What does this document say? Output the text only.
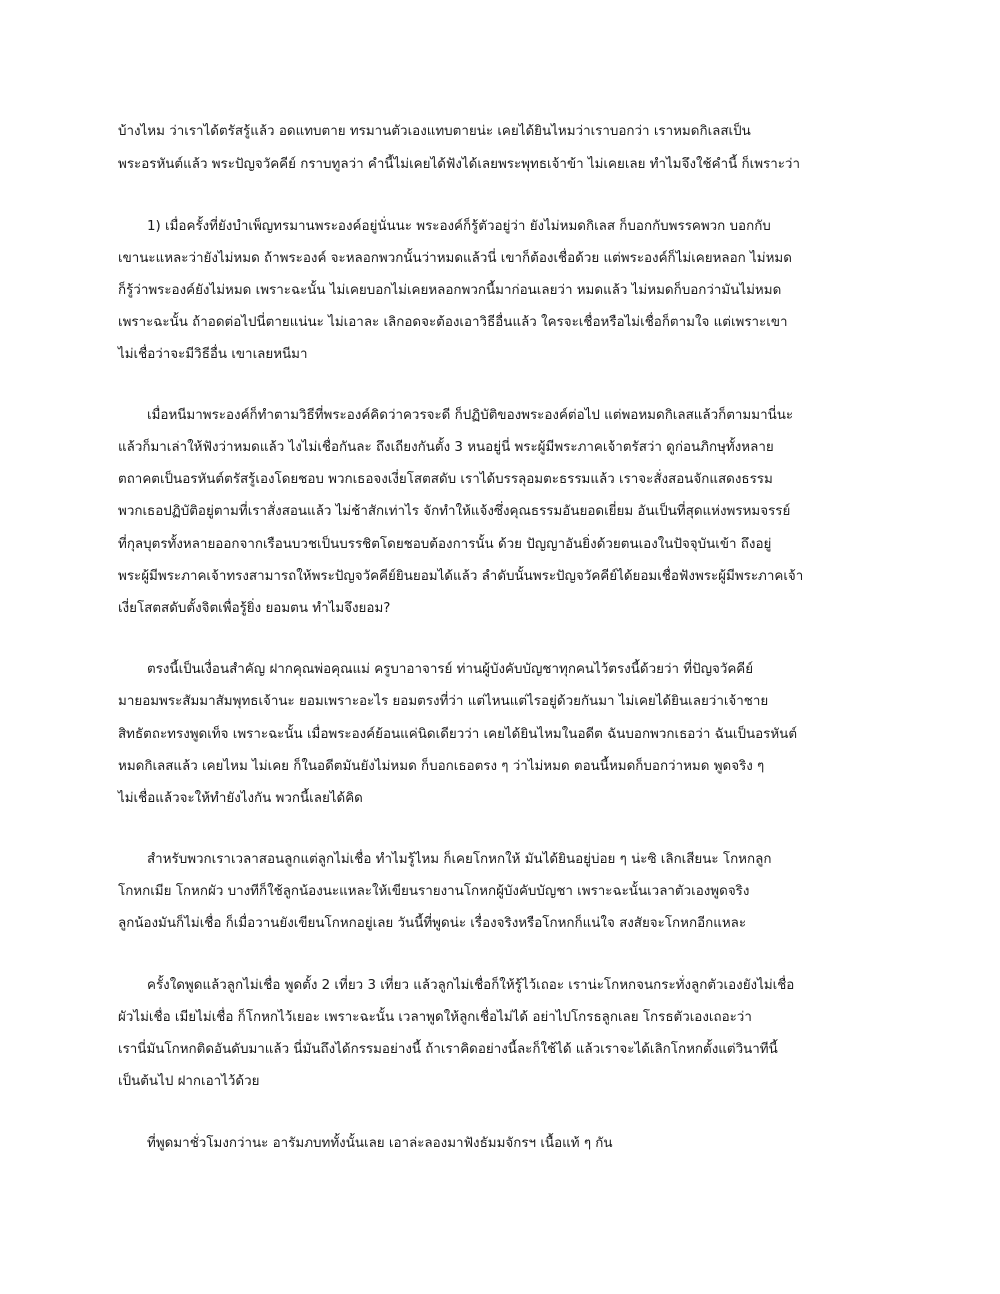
บ้างไหม ว่าเราได้ตรัสรู้แล้ว อดแทบตาย ทรมานตัวเองแทบตายน่ะ เคยได้ยินไหมว่าเราบอกว่า เราหมดกิเลสเป็น
พระอรหันต์แล้ว พระปัญจวัคคีย์ กราบทูลว่า คำนี้ไม่เคยได้ฟังได้เลยพระพุทธเจ้าข้า ไม่เคยเลย ทำไมจึงใช้คำนี้ ก็เพราะว่า
1) เมื่อครั้งที่ยังบำเพ็ญทรมานพระองค์อยู่นั่นนะ พระองค์ก็รู้ตัวอยู่ว่า ยังไม่หมดกิเลส ก็บอกกับพรรคพวก บอกกับ
เขานะแหละว่ายังไม่หมด ถ้าพระองค์ จะหลอกพวกนั้นว่าหมดแล้วนี่ เขาก็ต้องเชื่อด้วย แต่พระองค์ก็ไม่เคยหลอก ไม่หมด
ก็รู้ว่าพระองค์ยังไม่หมด เพราะฉะนั้น ไม่เคยบอกไม่เคยหลอกพวกนี้มาก่อนเลยว่า หมดแล้ว ไม่หมดก็บอกว่ามันไม่หมด
เพราะฉะนั้น ถ้าอดต่อไปนี่ตายแน่นะ ไม่เอาละ เลิกอดจะต้องเอาวิธีอื่นแล้ว ใครจะเชื่อหรือไม่เชื่อก็ตามใจ แต่เพราะเขา
ไม่เชื่อว่าจะมีวิธีอื่น เขาเลยหนีมา
เมื่อหนีมาพระองค์ก็ทำตามวิธีที่พระองค์คิดว่าควรจะดี ก็ปฏิบัติของพระองค์ต่อไป แต่พอหมดกิเลสแล้วก็ตามมานี่นะ
แล้วก็มาเล่าให้ฟังว่าหมดแล้ว ไงไม่เชื่อกันละ ถึงเถียงกันตั้ง 3 หนอยู่นี่ พระผู้มีพระภาคเจ้าตรัสว่า ดูก่อนภิกษุทั้งหลาย
ตถาคตเป็นอรหันต์ตรัสรู้เองโดยชอบ พวกเธอจงเงี่ยโสตสดับ เราได้บรรลุอมตะธรรมแล้ว เราจะสั่งสอนจักแสดงธรรม
พวกเธอปฏิบัติอยู่ตามที่เราสั่งสอนแล้ว ไม่ช้าสักเท่าไร จักทำให้แจ้งซึ่งคุณธรรมอันยอดเยี่ยม อันเป็นที่สุดแห่งพรหมจรรย์
ที่กุลบุตรทั้งหลายออกจากเรือนบวชเป็นบรรชิตโดยชอบต้องการนั้น ด้วย ปัญญาอันยิ่งด้วยตนเองในปัจจุบันเข้า ถึงอยู่
พระผู้มีพระภาคเจ้าทรงสามารถให้พระปัญจวัคคีย์ยินยอมได้แล้ว ลำดับนั้นพระปัญจวัคคีย์ได้ยอมเชื่อฟังพระผู้มีพระภาคเจ้า
เงี่ยโสตสดับตั้งจิตเพื่อรู้ยิ่ง ยอมตน ทำไมจึงยอม?
ตรงนี้เป็นเงื่อนสำคัญ ฝากคุณพ่อคุณแม่ ครูบาอาจารย์ ท่านผู้บังคับบัญชาทุกคนไว้ตรงนี้ด้วยว่า ที่ปัญจวัคคีย์
มายอมพระสัมมาสัมพุทธเจ้านะ ยอมเพราะอะไร ยอมตรงที่ว่า แต่ไหนแต่ไรอยู่ด้วยกันมา ไม่เคยได้ยินเลยว่าเจ้าชาย
สิทธัตถะทรงพูดเท็จ เพราะฉะนั้น เมื่อพระองค์ย้อนแค่นิดเดียวว่า เคยได้ยินไหมในอดีต ฉันบอกพวกเธอว่า ฉันเป็นอรหันต์
หมดกิเลสแล้ว เคยไหม ไม่เคย ก็ในอดีตมันยังไม่หมด ก็บอกเธอตรง ๆ ว่าไม่หมด ตอนนี้หมดก็บอกว่าหมด พูดจริง ๆ
ไม่เชื่อแล้วจะให้ทำยังไงกัน พวกนี้เลยได้คิด
สำหรับพวกเราเวลาสอนลูกแต่ลูกไม่เชื่อ ทำไมรู้ไหม ก็เคยโกหกให้ มันได้ยินอยู่บ่อย ๆ น่ะซิ เลิกเสียนะ โกหกลูก
โกหกเมีย โกหกผัว บางทีก็ใช้ลูกน้องนะแหละให้เขียนรายงานโกหกผู้บังคับบัญชา เพราะฉะนั้นเวลาตัวเองพูดจริง
ลูกน้องมันก็ไม่เชื่อ ก็เมื่อวานยังเขียนโกหกอยู่เลย วันนี้ที่พูดน่ะ เรื่องจริงหรือโกหกก็แน่ใจ สงสัยจะโกหกอีกแหละ
ครั้งใดพูดแล้วลูกไม่เชื่อ พูดตั้ง 2 เที่ยว 3 เที่ยว แล้วลูกไม่เชื่อก็ให้รู้ไว้เถอะ เราน่ะโกหกจนกระทั่งลูกตัวเองยังไม่เชื่อ
ผัวไม่เชื่อ เมียไม่เชื่อ ก็โกหกไว้เยอะ เพราะฉะนั้น เวลาพูดให้ลูกเชื่อไม่ได้ อย่าไปโกรธลูกเลย โกรธตัวเองเถอะว่า
เรานี่มันโกหกติดอันดับมาแล้ว นี่มันถึงได้กรรมอย่างนี้ ถ้าเราคิดอย่างนี้ละก็ใช้ได้ แล้วเราจะได้เลิกโกหกตั้งแต่วินาทีนี้
เป็นต้นไป ฝากเอาไว้ด้วย
ที่พูดมาชั่วโมงกว่านะ อารัมภบททั้งนั้นเลย เอาล่ะลองมาฟังธัมมจักรฯ เนื้อแท้ ๆ กัน
